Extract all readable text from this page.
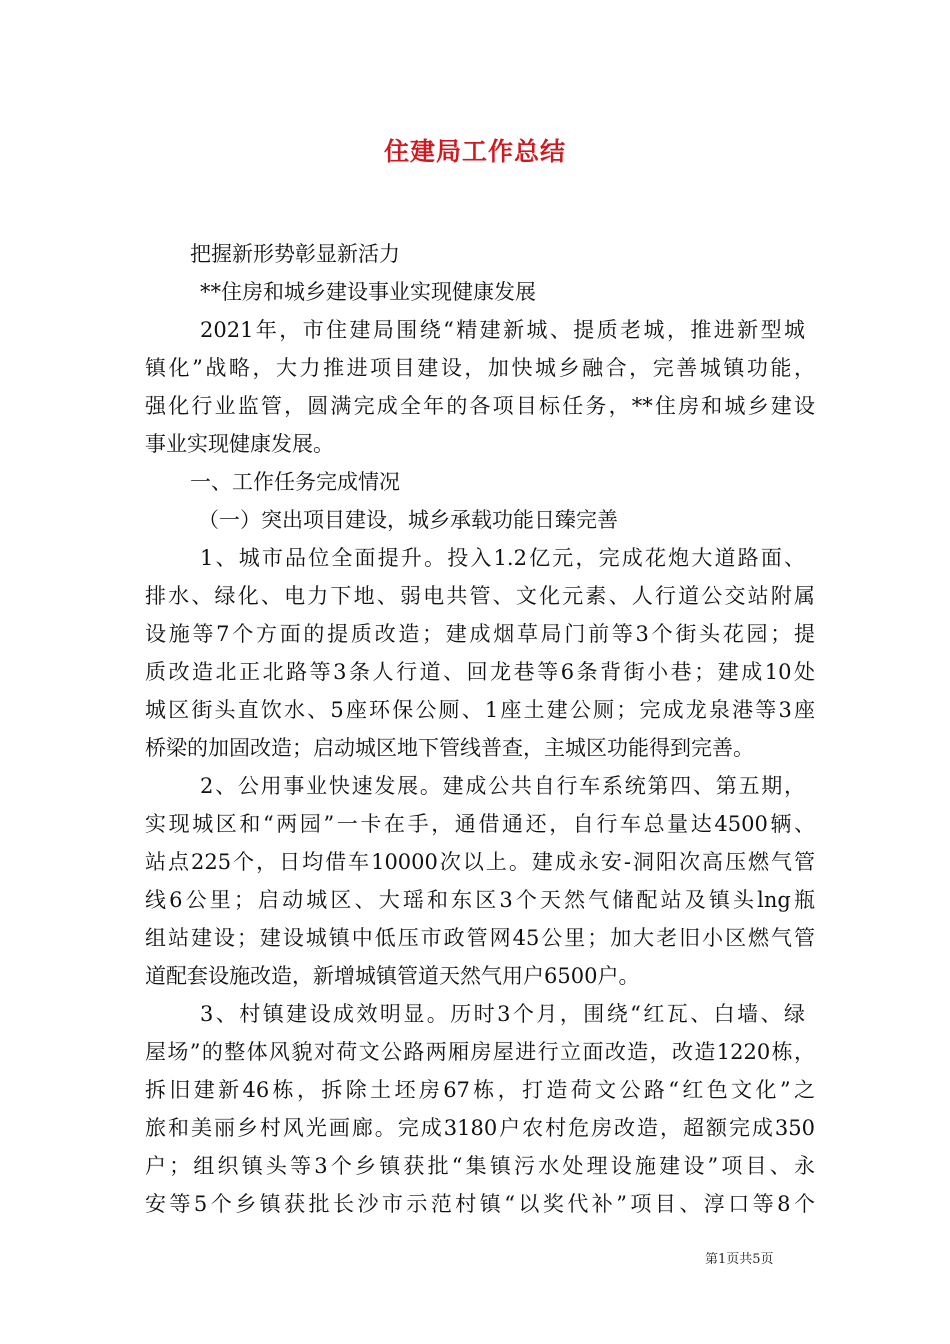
住建局工作总结
把握新形势彰显新活力
**住房和城乡建设事业实现健康发展
2021年，市住建局围绕“精建新城、提质老城，推进新型城
镇化”战略，大力推进项目建设，加快城乡融合，完善城镇功能，
强化行业监管，圆满完成全年的各项目标任务，**住房和城乡建设
事业实现健康发展。
一、工作任务完成情况
（一）突出项目建设，城乡承载功能日臻完善
1、城市品位全面提升。投入1.2亿元，完成花炮大道路面、
排水、绿化、电力下地、弱电共管、文化元素、人行道公交站附属
设施等7个方面的提质改造；建成烟草局门前等3个街头花园；提
质改造北正北路等3条人行道、回龙巷等6条背街小巷；建成10处
城区街头直饮水、5座环保公厕、1座土建公厕；完成龙泉港等3座
桥梁的加固改造；启动城区地下管线普查，主城区功能得到完善。
2、公用事业快速发展。建成公共自行车系统第四、第五期，
实现城区和“两园”一卡在手，通借通还，自行车总量达4500辆、
站点225个，日均借车10000次以上。建成永安-洞阳次高压燃气管
线6公里；启动城区、大瑶和东区3个天然气储配站及镇头lng瓶
组站建设；建设城镇中低压市政管网45公里；加大老旧小区燃气管
道配套设施改造，新增城镇管道天然气用户6500户。
3、村镇建设成效明显。历时3个月，围绕“红瓦、白墙、绿
屋场”的整体风貌对荷文公路两厢房屋进行立面改造，改造1220栋，
拆旧建新46栋，拆除土坯房67栋，打造荷文公路“红色文化”之
旅和美丽乡村风光画廊。完成3180户农村危房改造，超额完成350
户；组织镇头等3个乡镇获批“集镇污水处理设施建设”项目、永
安等5个乡镇获批长沙市示范村镇“以奖代补”项目、淳口等8个
第1页共5页
